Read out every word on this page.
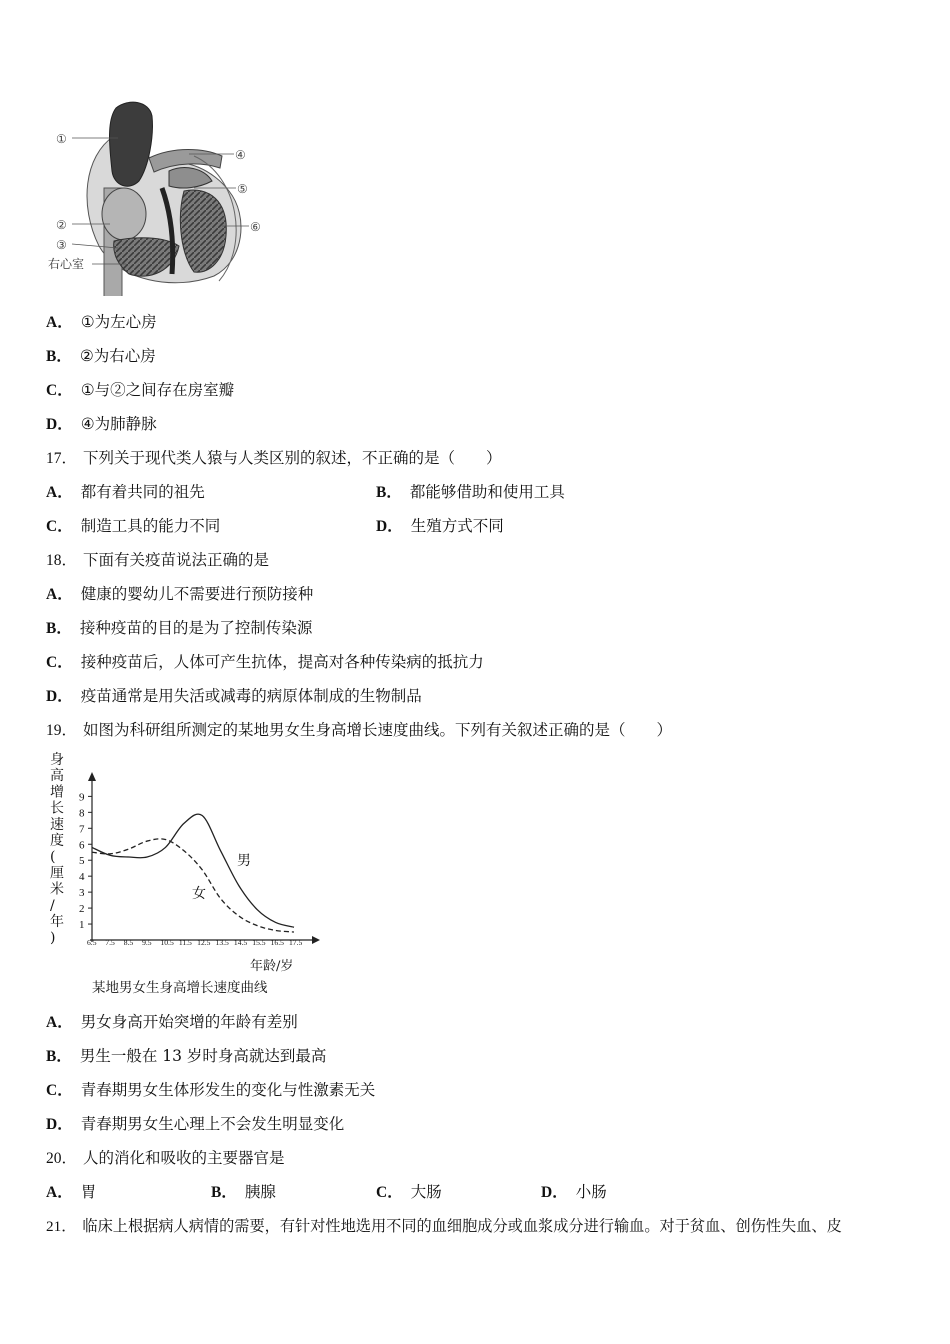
①
②
③
④
⑤
⑥
右心室
A． ①为左心房
B． ②为右心房
C． ①与②之间存在房室瓣
D． ④为肺静脉
17． 下列关于现代类人猿与人类区别的叙述，不正确的是（　　）
A． 都有着共同的祖先	B． 都能够借助和使用工具
C． 制造工具的能力不同	D． 生殖方式不同
18． 下面有关疫苗说法正确的是
A． 健康的婴幼儿不需要进行预防接种
B． 接种疫苗的目的是为了控制传染源
C． 接种疫苗后，人体可产生抗体，提高对各种传染病的抵抗力
D． 疫苗通常是用失活或减毒的病原体制成的生物制品
19． 如图为科研组所测定的某地男女生身高增长速度曲线。下列有关叙述正确的是（　　）
身
高
增
长
速
度
(
厘
米
/
年
)
1
2
3
4
5
6
7
8
9
6.5 7.5 8.5 9.5 10.5 11.5 12.5 13.5 14.5 15.5 16.5 17.5
男
女
年龄/岁
某地男女生身高增长速度曲线
A． 男女身高开始突增的年龄有差别
B． 男生一般在 13 岁时身高就达到最高
C． 青春期男女生体形发生的变化与性激素无关
D． 青春期男女生心理上不会发生明显变化
20． 人的消化和吸收的主要器官是
A． 胃	B． 胰腺	C． 大肠	D． 小肠
21． 临床上根据病人病情的需要，有针对性地选用不同的血细胞成分或血浆成分进行输血。对于贫血、创伤性失血、皮
